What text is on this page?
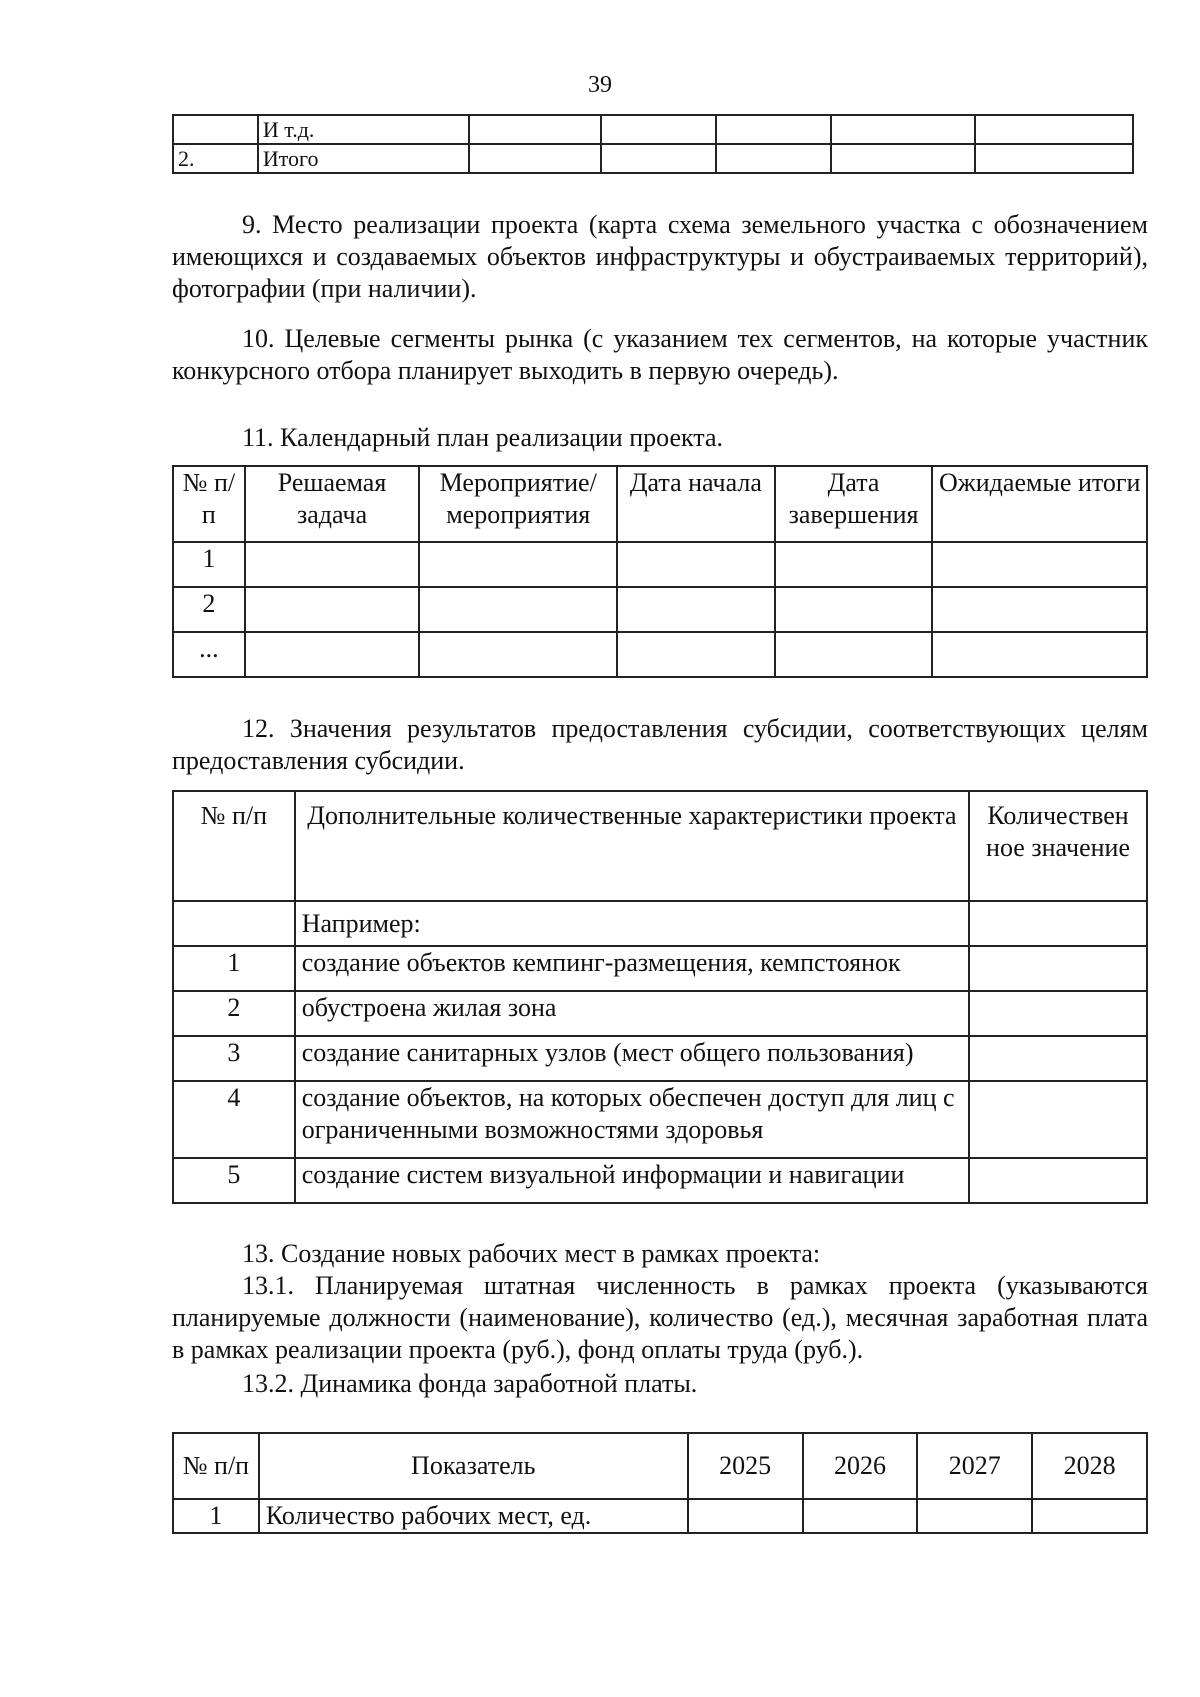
39
	И т.д.					
2.	Итого					
9. Место реализации проекта (карта схема земельного участка с обозначением имеющихся и создаваемых объектов инфраструктуры и обустраиваемых территорий), фотографии (при наличии).
10. Целевые сегменты рынка (с указанием тех сегментов, на которые участник конкурсного отбора планирует выходить в первую очередь).
11. Календарный план реализации проекта.
№ п/п	Решаемая задача	Мероприятие/ мероприятия	Дата начала	Дата завершения	Ожидаемые итоги
1					
2					
...					
12. Значения результатов предоставления субсидии, соответствующих целям предоставления субсидии.
№ п/п	Дополнительные количественные характеристики проекта	Количествен ное значение
	Например:	
1	создание объектов кемпинг-размещения, кемпстоянок	
2	обустроена жилая зона	
3	создание санитарных узлов (мест общего пользования)	
4	создание объектов, на которых обеспечен доступ для лиц с ограниченными возможностями здоровья	
5	создание систем визуальной информации и навигации	
13. Создание новых рабочих мест в рамках проекта:
13.1. Планируемая штатная численность в рамках проекта (указываются планируемые должности (наименование), количество (ед.), месячная заработная плата в рамках реализации проекта (руб.), фонд оплаты труда (руб.).
13.2. Динамика фонда заработной платы.
№ п/п	Показатель	2025	2026	2027	2028
1	Количество рабочих мест, ед.				
